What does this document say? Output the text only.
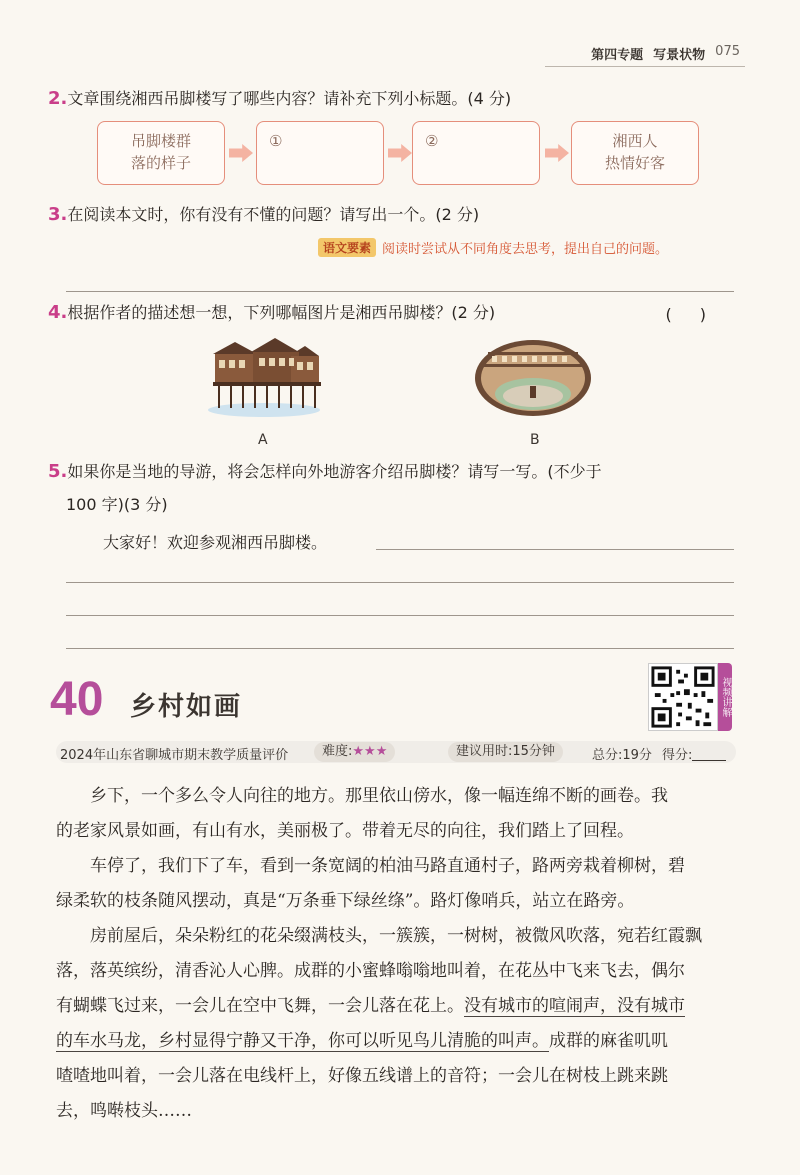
第四专题 写景状物 075
2.文章围绕湘西吊脚楼写了哪些内容？请补充下列小标题。(4 分)
吊脚楼群
落的样子
①	②	湘西人
热情好客
3.在阅读本文时，你有没有不懂的问题？请写出一个。(2 分)
语文要素 阅读时尝试从不同角度去思考，提出自己的问题。
4.根据作者的描述想一想，下列哪幅图片是湘西吊脚楼？(2 分)	()
A	B
5.如果你是当地的导游，将会怎样向外地游客介绍吊脚楼？请写一写。(不少于
100 字)(3 分)
大家好！欢迎参观湘西吊脚楼。
40 乡村如画	视频讲解
2024年山东省聊城市期末教学质量评价	难度:★★★	建议用时:15分钟	总分:19分 得分:
乡下，一个多么令人向往的地方。那里依山傍水，像一幅连绵不断的画卷。我
的老家风景如画，有山有水，美丽极了。带着无尽的向往，我们踏上了回程。
车停了，我们下了车，看到一条宽阔的柏油马路直通村子，路两旁栽着柳树，碧
绿柔软的枝条随风摆动，真是“万条垂下绿丝绦”。路灯像哨兵，站立在路旁。
房前屋后，朵朵粉红的花朵缀满枝头，一簇簇，一树树，被微风吹落，宛若红霞飘
落，落英缤纷，清香沁人心脾。成群的小蜜蜂嗡嗡地叫着，在花丛中飞来飞去，偶尔
有蝴蝶飞过来，一会儿在空中飞舞，一会儿落在花上。没有城市的喧闹声，没有城市
的车水马龙，乡村显得宁静又干净，你可以听见鸟儿清脆的叫声。成群的麻雀叽叽
喳喳地叫着，一会儿落在电线杆上，好像五线谱上的音符；一会儿在树枝上跳来跳
去，鸣啭枝头……
